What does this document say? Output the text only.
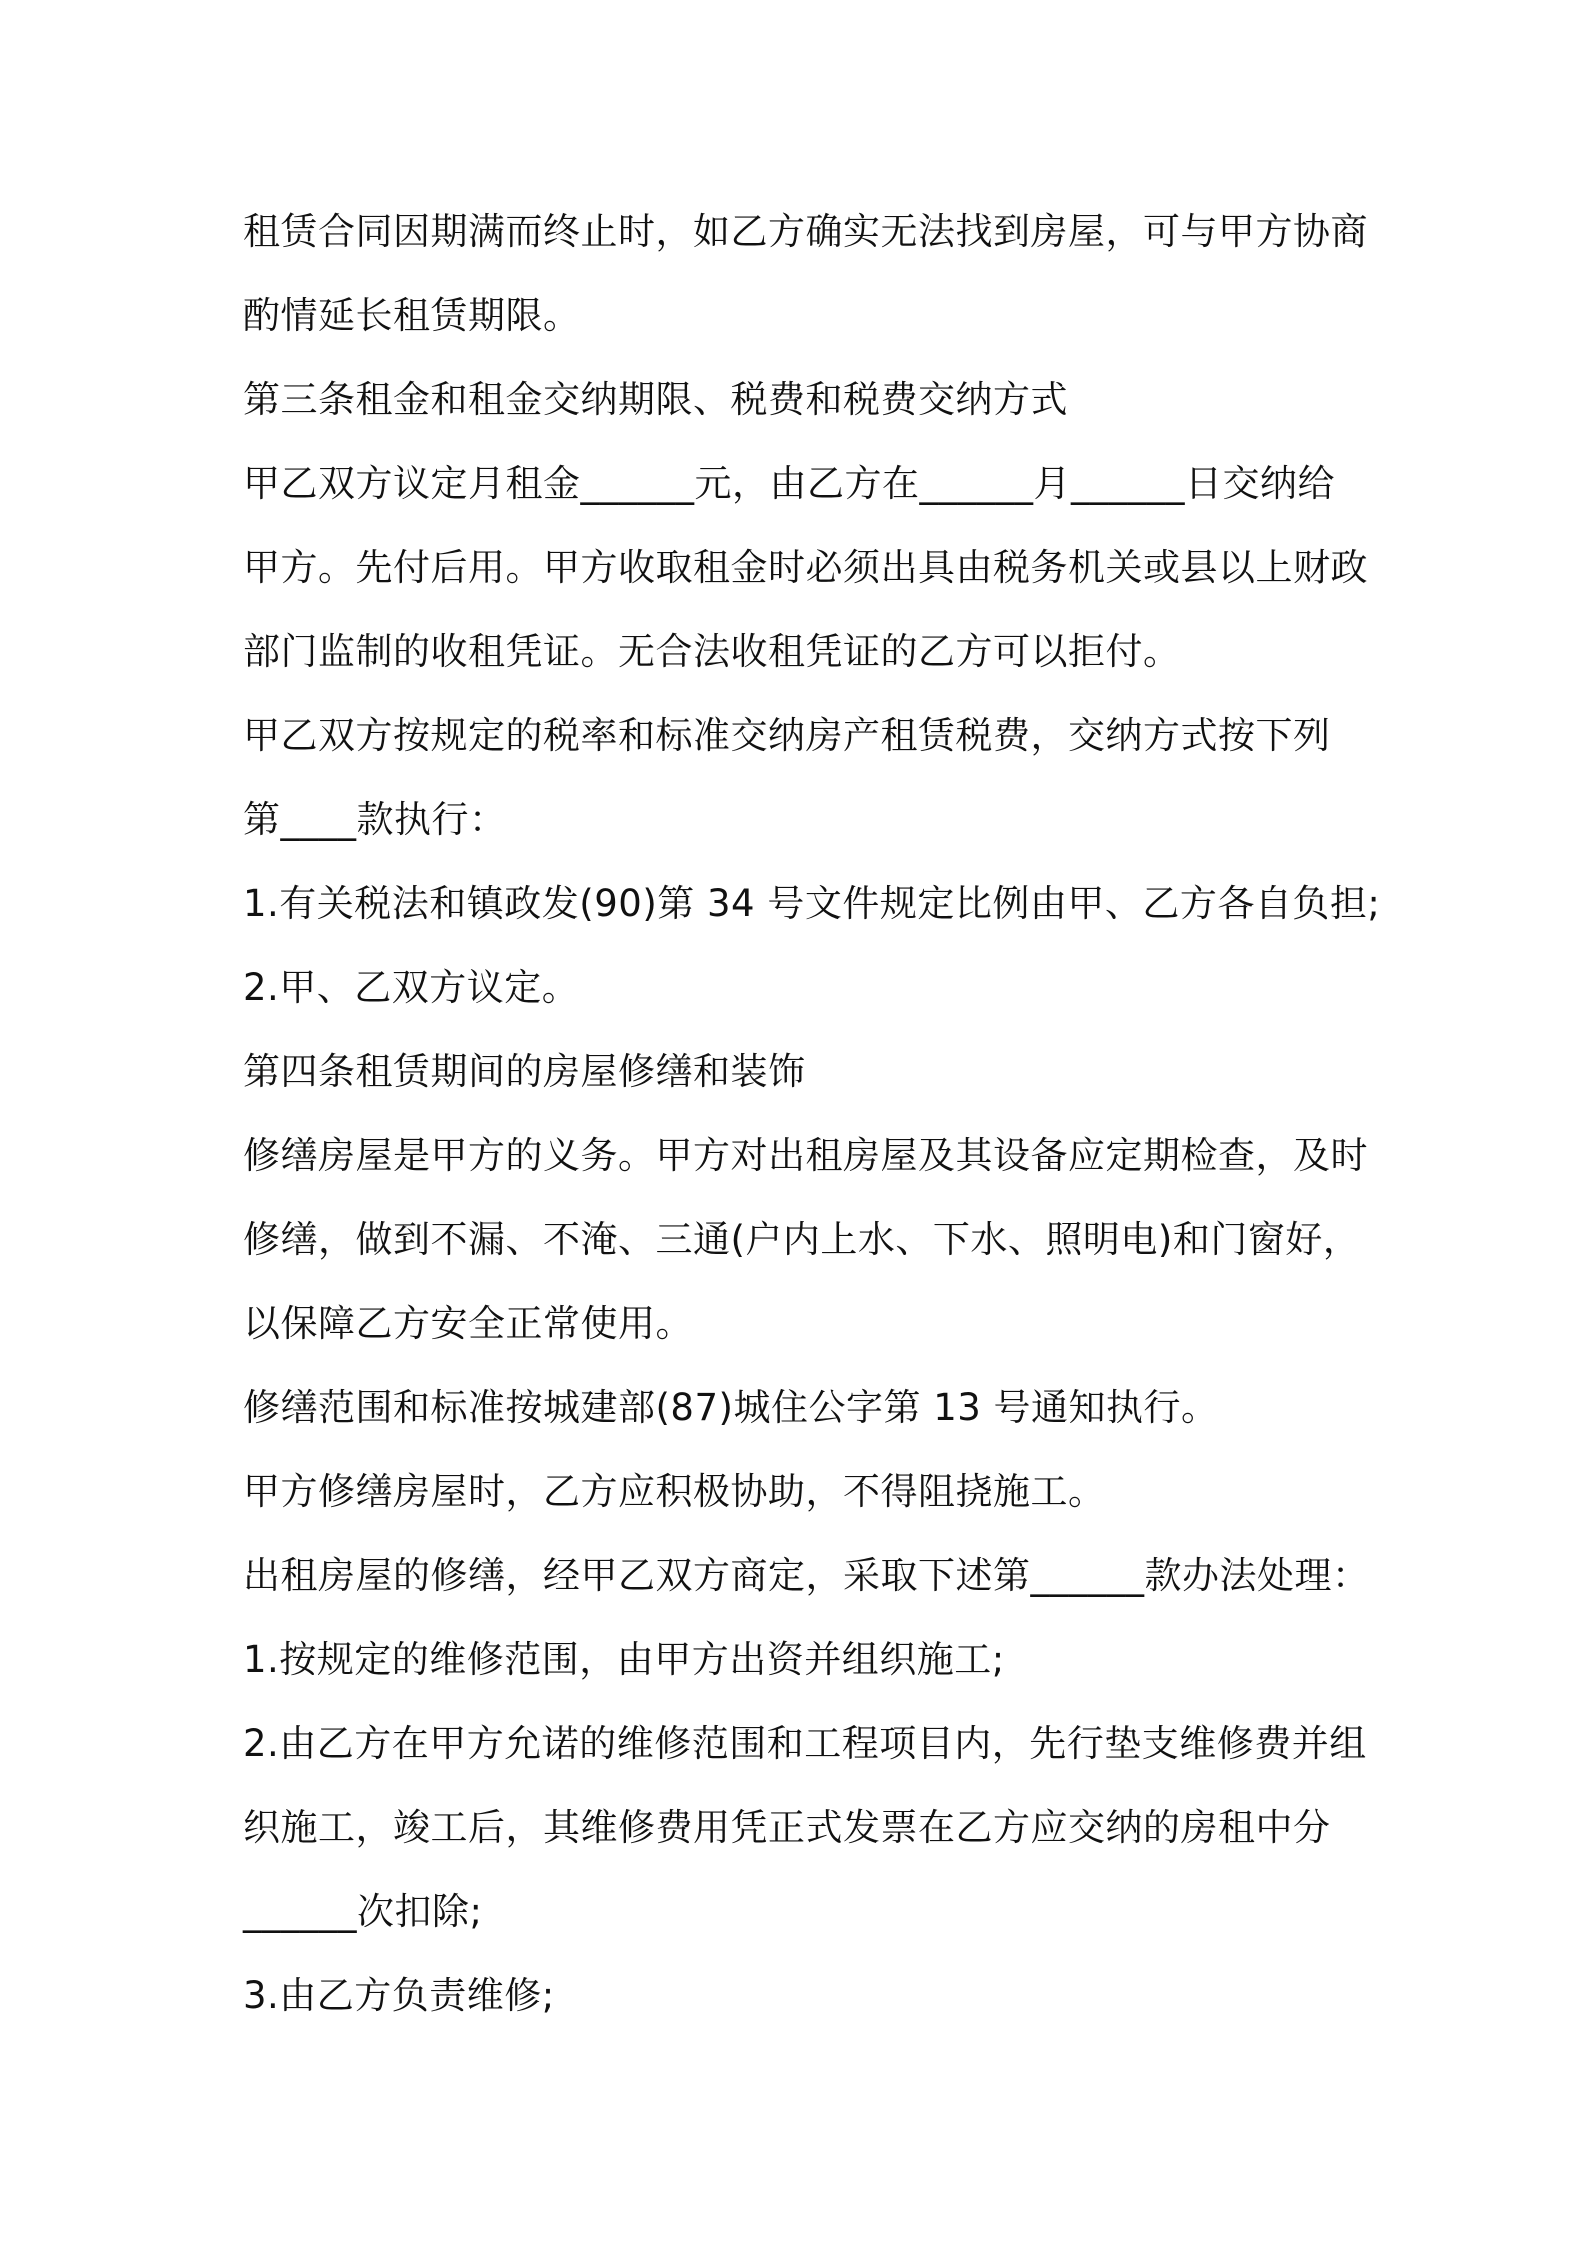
租赁合同因期满而终止时，如乙方确实无法找到房屋，可与甲方协商
酌情延长租赁期限。
第三条租金和租金交纳期限、税费和税费交纳方式
甲乙双方议定月租金______元，由乙方在______月______日交纳给
甲方。先付后用。甲方收取租金时必须出具由税务机关或县以上财政
部门监制的收租凭证。无合法收租凭证的乙方可以拒付。
甲乙双方按规定的税率和标准交纳房产租赁税费，交纳方式按下列
第____款执行：
1.有关税法和镇政发(90)第 34 号文件规定比例由甲、乙方各自负担;
2.甲、乙双方议定。
第四条租赁期间的房屋修缮和装饰
修缮房屋是甲方的义务。甲方对出租房屋及其设备应定期检查，及时
修缮，做到不漏、不淹、三通(户内上水、下水、照明电)和门窗好，
以保障乙方安全正常使用。
修缮范围和标准按城建部(87)城住公字第 13 号通知执行。
甲方修缮房屋时，乙方应积极协助，不得阻挠施工。
出租房屋的修缮，经甲乙双方商定，采取下述第______款办法处理：
1.按规定的维修范围，由甲方出资并组织施工;
2.由乙方在甲方允诺的维修范围和工程项目内，先行垫支维修费并组
织施工，竣工后，其维修费用凭正式发票在乙方应交纳的房租中分
______次扣除;
3.由乙方负责维修;
